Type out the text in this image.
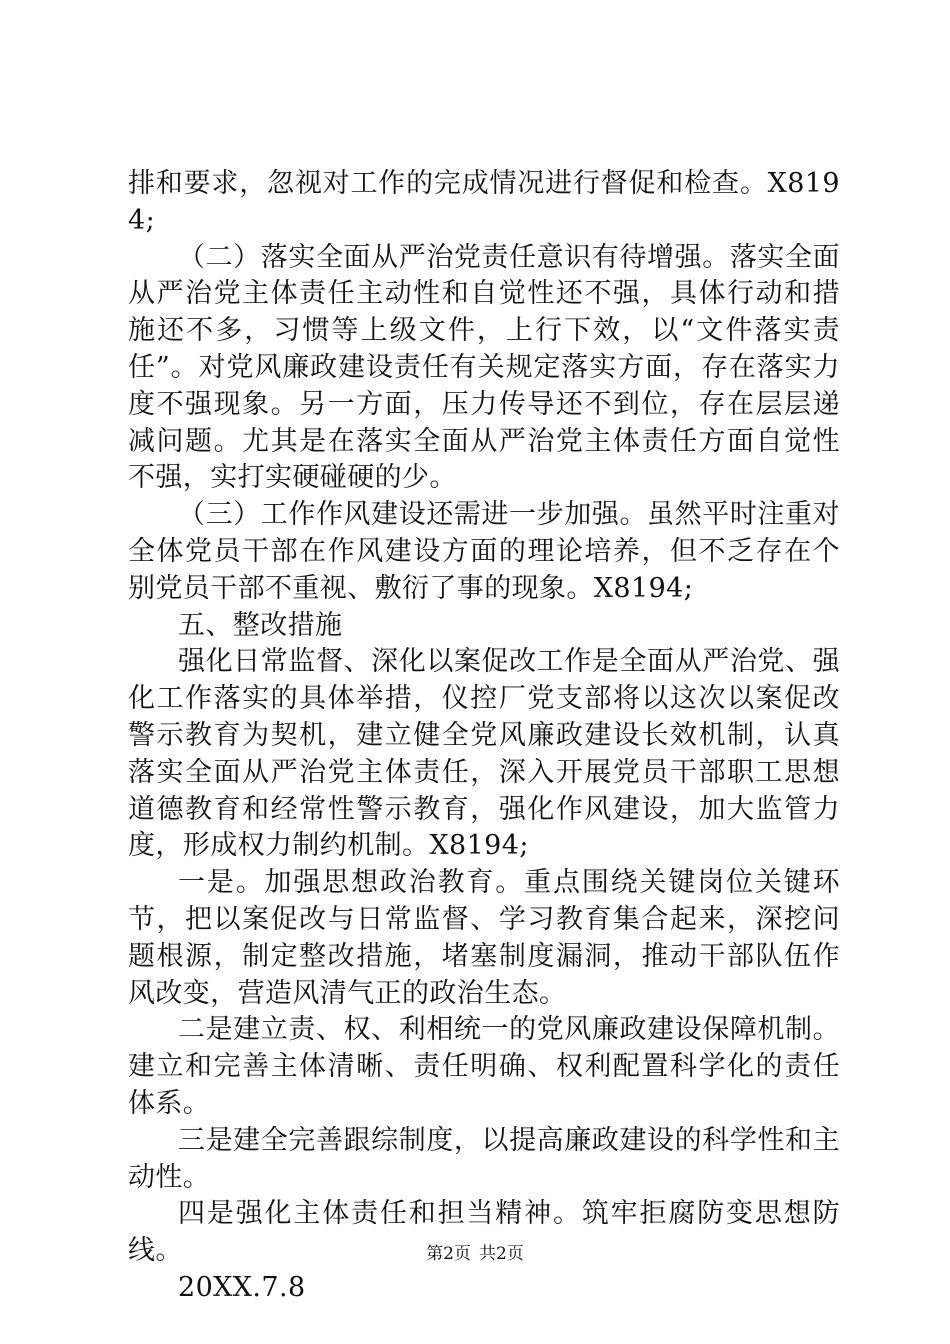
排和要求，忽视对工作的完成情况进行督促和检查。X8194;

（二）落实全面从严治党责任意识有待增强。落实全面从严治党主体责任主动性和自觉性还不强，具体行动和措施还不多，习惯等上级文件，上行下效，以“文件落实责任”。对党风廉政建设责任有关规定落实方面，存在落实力度不强现象。另一方面，压力传导还不到位，存在层层递减问题。尤其是在落实全面从严治党主体责任方面自觉性不强，实打实硬碰硬的少。

（三）工作作风建设还需进一步加强。虽然平时注重对全体党员干部在作风建设方面的理论培养，但不乏存在个别党员干部不重视、敷衍了事的现象。X8194;

五、整改措施

强化日常监督、深化以案促改工作是全面从严治党、强化工作落实的具体举措，仪控厂党支部将以这次以案促改警示教育为契机，建立健全党风廉政建设长效机制，认真落实全面从严治党主体责任，深入开展党员干部职工思想道德教育和经常性警示教育，强化作风建设，加大监管力度，形成权力制约机制。X8194;

一是。加强思想政治教育。重点围绕关键岗位关键环节，把以案促改与日常监督、学习教育集合起来，深挖问题根源，制定整改措施，堵塞制度漏洞，推动干部队伍作风改变，营造风清气正的政治生态。

二是建立责、权、利相统一的党风廉政建设保障机制。建立和完善主体清晰、责任明确、权利配置科学化的责任体系。

三是建全完善跟综制度，以提高廉政建设的科学性和主动性。

四是强化主体责任和担当精神。筑牢拒腐防变思想防线。

20XX.7.8

第2页 共2页
